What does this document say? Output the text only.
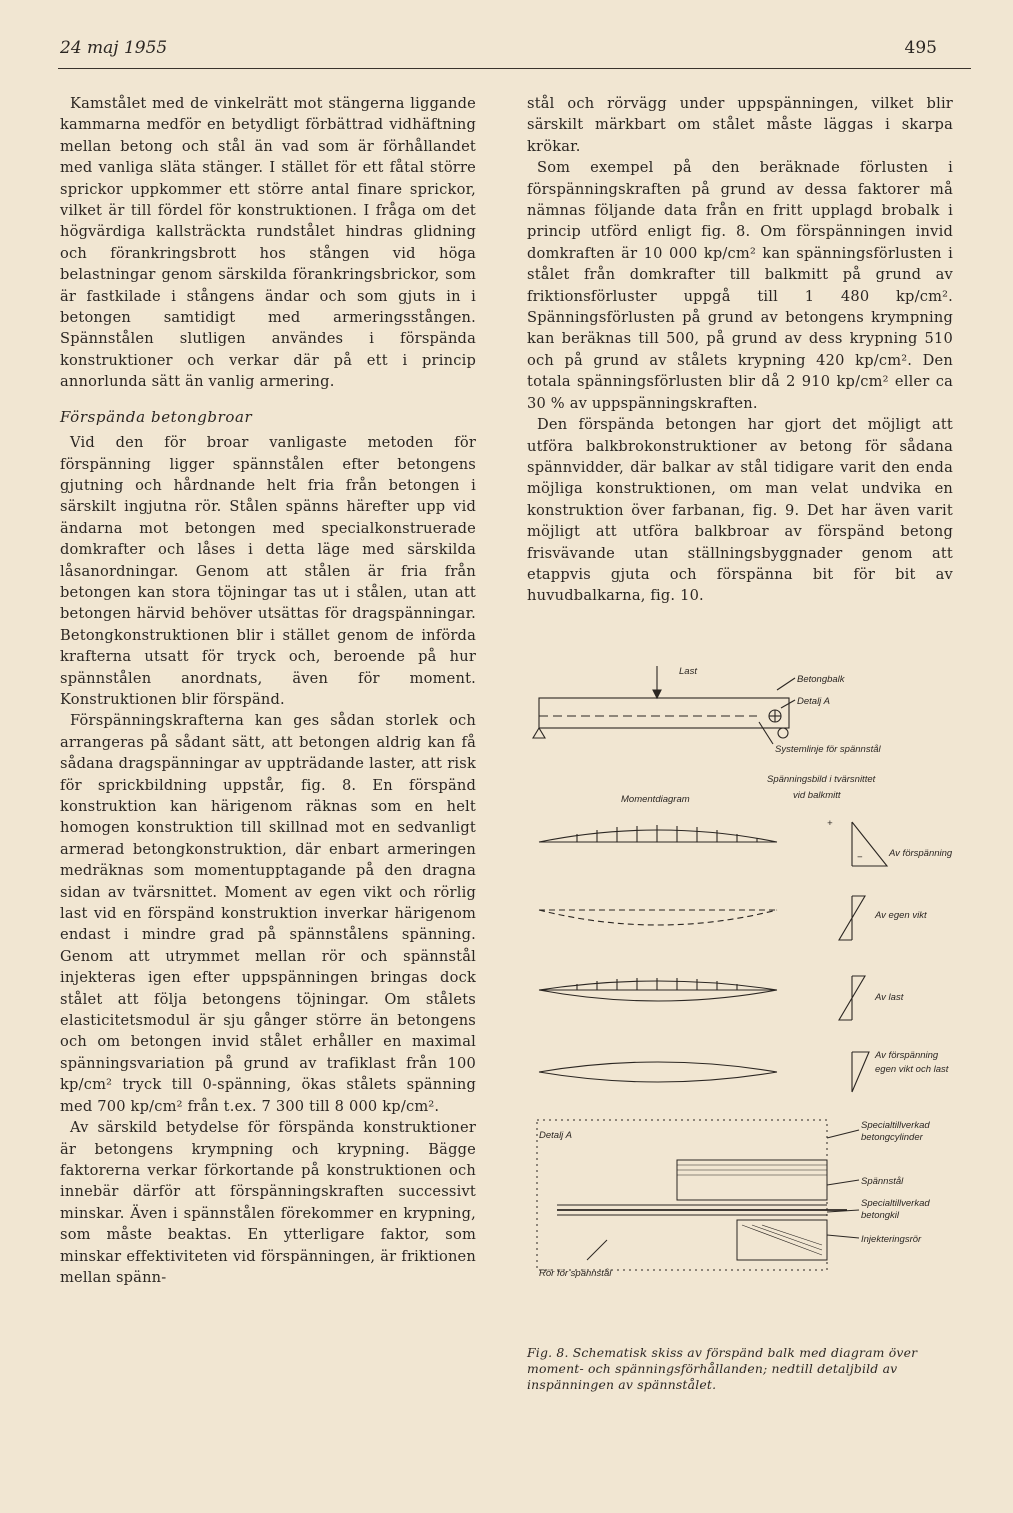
24 maj 1955	495

Kamstålet med de vinkelrätt mot stängerna liggande kammarna medför en betydligt förbättrad vidhäftning mellan betong och stål än vad som är förhållandet med vanliga släta stänger. I stället för ett fåtal större sprickor uppkommer ett större antal finare sprickor, vilket är till fördel för konstruktionen. I fråga om det högvärdiga kallsträckta rundstålet hindras glidning och förankringsbrott hos stången vid höga belastningar genom särskilda förankringsbrickor, som är fastkilade i stångens ändar och som gjuts in i betongen samtidigt med armeringsstången. Spännstålen slutligen användes i förspända konstruktioner och verkar där på ett i princip annorlunda sätt än vanlig armering.

Förspända betongbroar

Vid den för broar vanligaste metoden för förspänning ligger spännstålen efter betongens gjutning och hårdnande helt fria från betongen i särskilt ingjutna rör. Stålen spänns härefter upp vid ändarna mot betongen med specialkonstruerade domkrafter och låses i detta läge med särskilda låsanordningar. Genom att stålen är fria från betongen kan stora töjningar tas ut i stålen, utan att betongen härvid behöver utsättas för dragspänningar. Betongkonstruktionen blir i stället genom de införda krafterna utsatt för tryck och, beroende på hur spännstålen anordnats, även för moment. Konstruktionen blir förspänd.

Förspänningskrafterna kan ges sådan storlek och arrangeras på sådant sätt, att betongen aldrig kan få sådana dragspänningar av uppträdande laster, att risk för sprickbildning uppstår, fig. 8. En förspänd konstruktion kan härigenom räknas som en helt homogen konstruktion till skillnad mot en sedvanligt armerad betongkonstruktion, där enbart armeringen medräknas som momentupptagande på den dragna sidan av tvärsnittet. Moment av egen vikt och rörlig last vid en förspänd konstruktion inverkar härigenom endast i mindre grad på spännstålens spänning. Genom att utrymmet mellan rör och spännstål injekteras igen efter uppspänningen bringas dock stålet att följa betongens töjningar. Om stålets elasticitetsmodul är sju gånger större än betongens och om betongen invid stålet erhåller en maximal spänningsvariation på grund av trafiklast från 100 kp/cm² tryck till 0-spänning, ökas stålets spänning med 700 kp/cm² från t.ex. 7 300 till 8 000 kp/cm².

Av särskild betydelse för förspända konstruktioner är betongens krympning och krypning. Bägge faktorerna verkar förkortande på konstruktionen och innebär därför att förspänningskraften successivt minskar. Även i spännstålen förekommer en krypning, som måste beaktas. En ytterligare faktor, som minskar effektiviteten vid förspänningen, är friktionen mellan spänn-

stål och rörvägg under uppspänningen, vilket blir särskilt märkbart om stålet måste läggas i skarpa krökar.

Som exempel på den beräknade förlusten i förspänningskraften på grund av dessa faktorer må nämnas följande data från en fritt upplagd brobalk i princip utförd enligt fig. 8. Om förspänningen invid domkraften är 10 000 kp/cm² kan spänningsförlusten i stålet från domkrafter till balkmitt på grund av friktionsförluster uppgå till 1 480 kp/cm². Spänningsförlusten på grund av betongens krympning kan beräknas till 500, på grund av dess krypning 510 och på grund av stålets krypning 420 kp/cm². Den totala spänningsförlusten blir då 2 910 kp/cm² eller ca 30 % av uppspänningskraften.

Den förspända betongen har gjort det möjligt att utföra balkbrokonstruktioner av betong för sådana spännvidder, där balkar av stål tidigare varit den enda möjliga konstruktionen, om man velat undvika en konstruktion över farbanan, fig. 9. Det har även varit möjligt att utföra balkbroar av förspänd betong frisvävande utan ställningsbyggnader genom att etappvis gjuta och förspänna bit för bit av huvudbalkarna, fig. 10.

Last
Betongbalk
Detalj A
Systemlinje för spännstål
Momentdiagram
Spänningsbild i tvärsnittet
vid balkmitt
+
−	Av förspänning
Av egen vikt
Av last
Av förspänning
egen vikt och last
Detalj A
Specialtillverkad
betongcylinder
Spännstål
Specialtillverkad
betongkil
Injekteringsrör
Rör för spännstål
Fig. 8. Schematisk skiss av förspänd balk med diagram över moment- och spänningsförhållanden; nedtill detaljbild av inspänningen av spännstålet.
